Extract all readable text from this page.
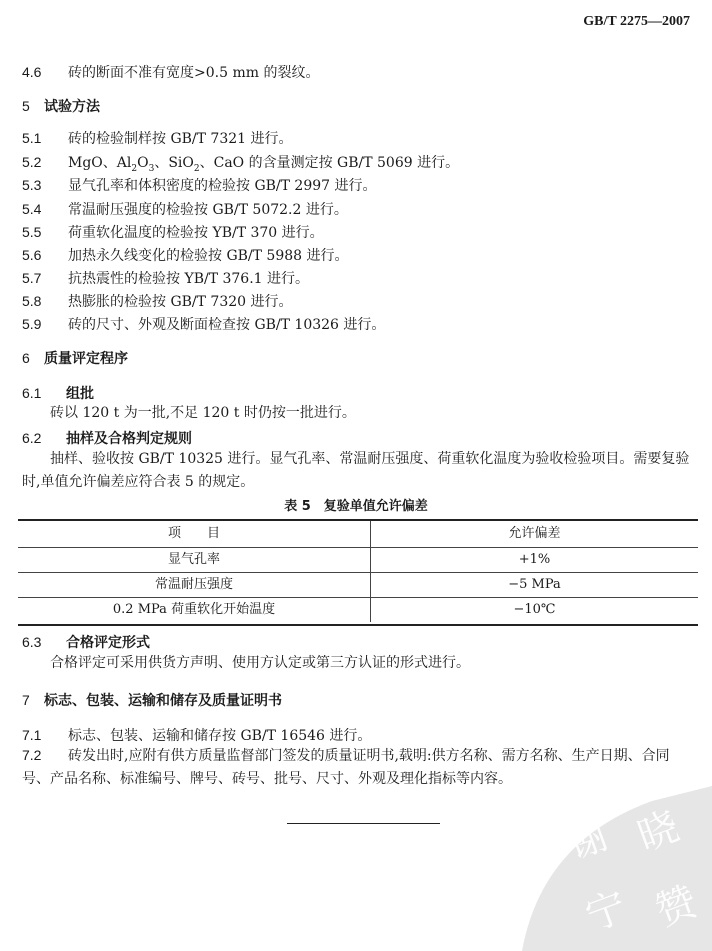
GB/T 2275—2007
4.6 砖的断面不准有宽度>0.5 mm 的裂纹。
5 试验方法
5.1 砖的检验制样按 GB/T 7321 进行。
5.2 MgO、$Al_2O_3$、SiO$_2$、CaO 的含量测定按 GB/T 5069 进行。
5.3 显气孔率和体积密度的检验按 GB/T 2997 进行。
5.4 常温耐压强度的检验按 GB/T 5072.2 进行。
5.5 荷重软化温度的检验按 YB/T 370 进行。
5.6 加热永久线变化的检验按 GB/T 5988 进行。
5.7 抗热震性的检验按 YB/T 376.1 进行。
5.8 热膨胀的检验按 GB/T 7320 进行。
5.9 砖的尺寸、外观及断面检查按 GB/T 10326 进行。
6 质量评定程序
6.1 组批
砖以 120 t 为一批,不足 120 t 时仍按一批进行。
6.2 抽样及合格判定规则
抽样、验收按 GB/T 10325 进行。显气孔率、常温耐压强度、荷重软化温度为验收检验项目。需要复验时,单值允许偏差应符合表 5 的规定。
表 5　复验单值允许偏差
项　　目	允许偏差
显气孔率	+1%
常温耐压强度	−5 MPa
0.2 MPa 荷重软化开始温度	−10℃
6.3 合格评定形式
合格评定可采用供货方声明、使用方认定或第三方认证的形式进行。
7 标志、包装、运输和储存及质量证明书
7.1 标志、包装、运输和储存按 GB/T 16546 进行。
7.2 砖发出时,应附有供方质量监督部门签发的质量证明书,载明:供方名称、需方名称、生产日期、合同号、产品名称、标准编号、牌号、砖号、批号、尺寸、外观及理化指标等内容。
谢 晓
宁 赞
